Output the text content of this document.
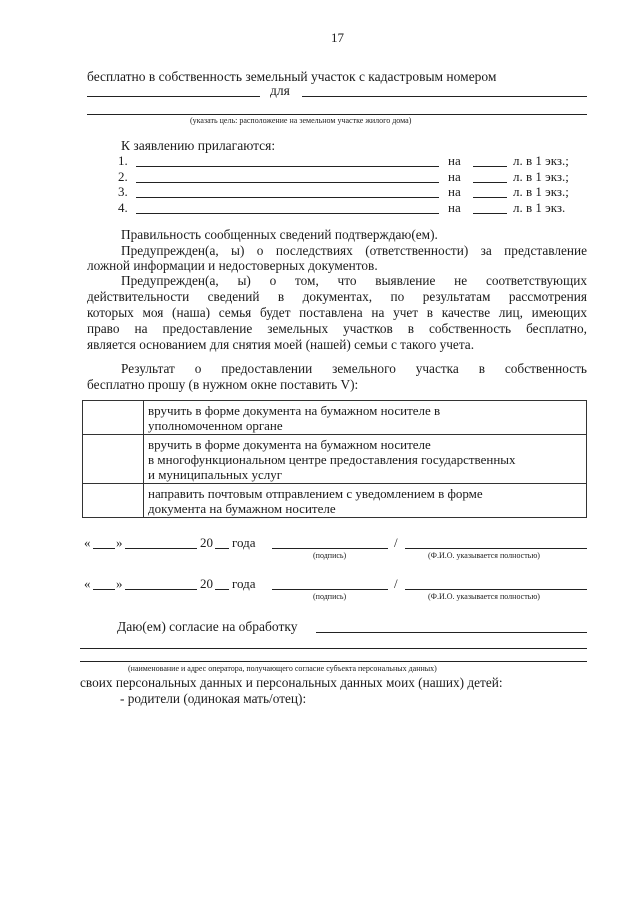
17
бесплатно в собственность земельный участок с кадастровым номером
для
(указать цель: расположение на земельном участке жилого дома)
К заявлению прилагаются:
1.	на	л. в 1 экз.;
2.	на	л. в 1 экз.;
3.	на	л. в 1 экз.;
4.	на	л. в 1 экз.
Правильность сообщенных сведений подтверждаю(ем).
Предупрежден(а, ы) о последствиях (ответственности) за представление
ложной информации и недостоверных документов.
Предупрежден(а, ы) о том, что выявление не соответствующих
действительности сведений в документах, по результатам рассмотрения
которых моя (наша) семья будет поставлена на учет в качестве лиц, имеющих
право на предоставление земельных участков в собственность бесплатно,
является основанием для снятия моей (нашей) семьи с такого учета.
Результат о предоставлении земельного участка в собственность
бесплатно прошу (в нужном окне поставить V):

	вручить в форме документа на бумажном носителе в
уполномоченном органе

	вручить в форме документа на бумажном носителе
в многофункциональном центре предоставления государственных
и муниципальных услуг

	направить почтовым отправлением с уведомлением в форме
документа на бумажном носителе
« »	20 года	/
(подпись)	(Ф.И.О. указывается полностью)
« »	20 года	/
(подпись)	(Ф.И.О. указывается полностью)
Даю(ем) согласие на обработку
(наименование и адрес оператора, получающего согласие субъекта персональных данных)
своих персональных данных и персональных данных моих (наших) детей:
- родители (одинокая мать/отец):
